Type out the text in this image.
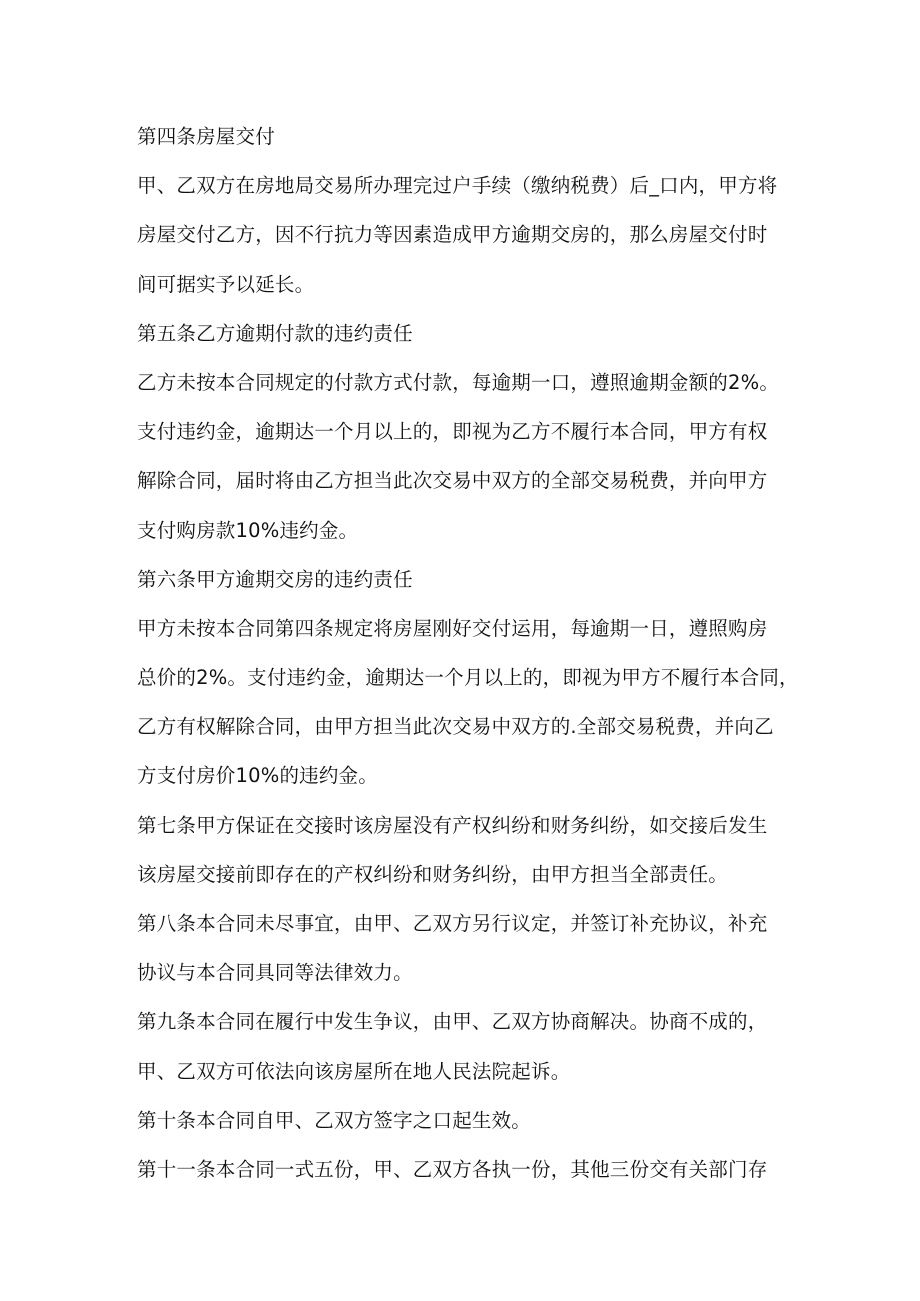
第四条房屋交付
甲、乙双方在房地局交易所办理完过户手续（缴纳税费）后_口内，甲方将
房屋交付乙方，因不行抗力等因素造成甲方逾期交房的，那么房屋交付时
间可据实予以延长。
第五条乙方逾期付款的违约责任
乙方未按本合同规定的付款方式付款，每逾期一口，遵照逾期金额的2%。
支付违约金，逾期达一个月以上的，即视为乙方不履行本合同，甲方有权
解除合同，届时将由乙方担当此次交易中双方的全部交易税费，并向甲方
支付购房款10%违约金。
第六条甲方逾期交房的违约责任
甲方未按本合同第四条规定将房屋刚好交付运用，每逾期一日，遵照购房
总价的2%。支付违约金，逾期达一个月以上的，即视为甲方不履行本合同，
乙方有权解除合同，由甲方担当此次交易中双方的.全部交易税费，并向乙
方支付房价10%的违约金。
第七条甲方保证在交接时该房屋没有产权纠纷和财务纠纷，如交接后发生
该房屋交接前即存在的产权纠纷和财务纠纷，由甲方担当全部责任。
第八条本合同未尽事宜，由甲、乙双方另行议定，并签订补充协议，补充
协议与本合同具同等法律效力。
第九条本合同在履行中发生争议，由甲、乙双方协商解决。协商不成的，
甲、乙双方可依法向该房屋所在地人民法院起诉。
第十条本合同自甲、乙双方签字之口起生效。
第十一条本合同一式五份，甲、乙双方各执一份，其他三份交有关部门存
